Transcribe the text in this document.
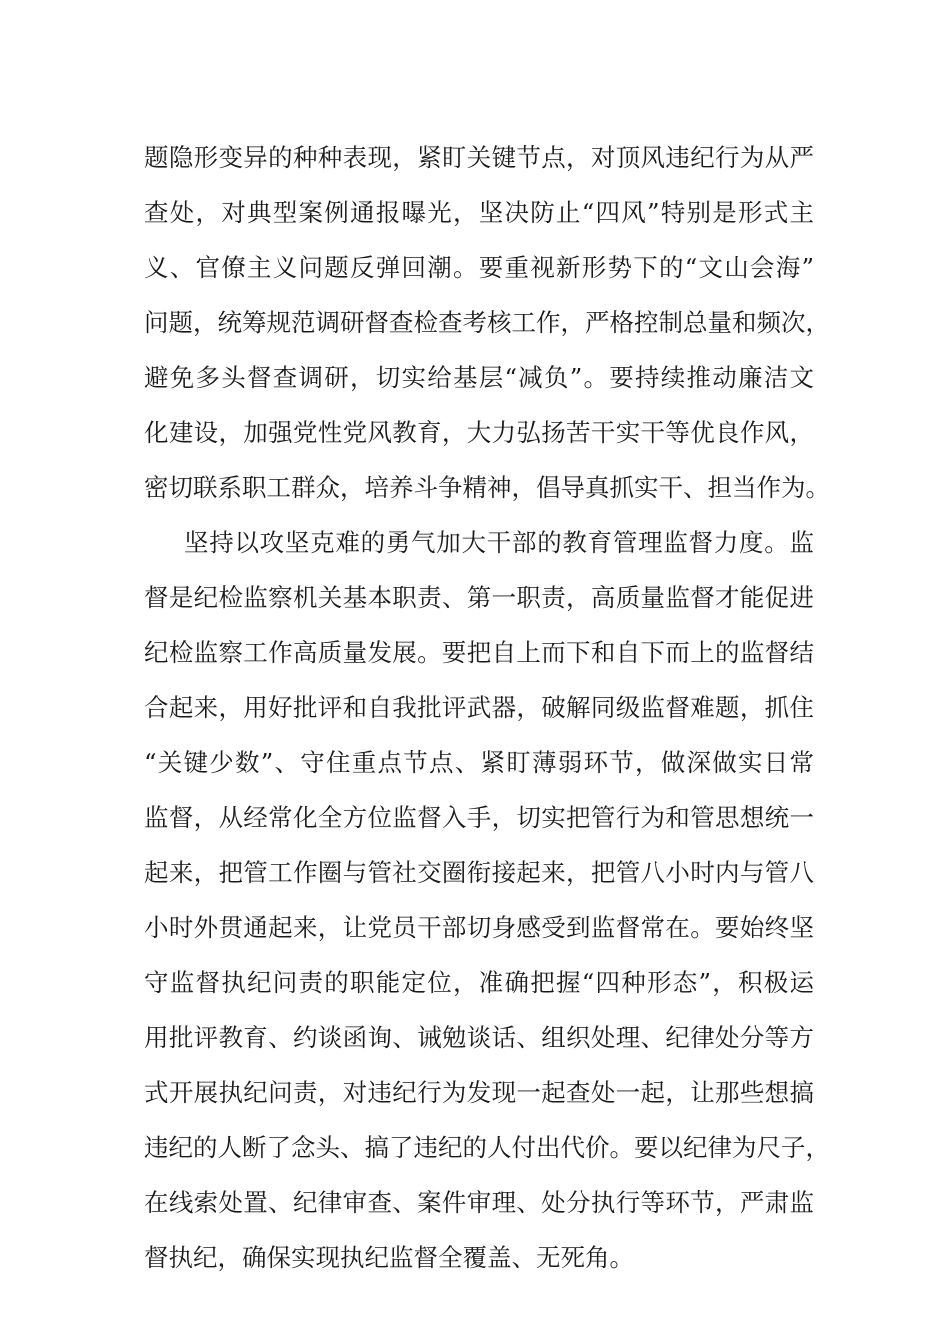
题隐形变异的种种表现，紧盯关键节点，对顶风违纪行为从严
查处，对典型案例通报曝光，坚决防止“四风”特别是形式主
义、官僚主义问题反弹回潮。要重视新形势下的“文山会海”
问题，统筹规范调研督查检查考核工作，严格控制总量和频次，
避免多头督查调研，切实给基层“减负”。要持续推动廉洁文
化建设，加强党性党风教育，大力弘扬苦干实干等优良作风，
密切联系职工群众，培养斗争精神，倡导真抓实干、担当作为。
坚持以攻坚克难的勇气加大干部的教育管理监督力度。监
督是纪检监察机关基本职责、第一职责，高质量监督才能促进
纪检监察工作高质量发展。要把自上而下和自下而上的监督结
合起来，用好批评和自我批评武器，破解同级监督难题，抓住
“关键少数”、守住重点节点、紧盯薄弱环节，做深做实日常
监督，从经常化全方位监督入手，切实把管行为和管思想统一
起来，把管工作圈与管社交圈衔接起来，把管八小时内与管八
小时外贯通起来，让党员干部切身感受到监督常在。要始终坚
守监督执纪问责的职能定位，准确把握“四种形态”，积极运
用批评教育、约谈函询、诫勉谈话、组织处理、纪律处分等方
式开展执纪问责，对违纪行为发现一起查处一起，让那些想搞
违纪的人断了念头、搞了违纪的人付出代价。要以纪律为尺子，
在线索处置、纪律审查、案件审理、处分执行等环节，严肃监
督执纪，确保实现执纪监督全覆盖、无死角。
